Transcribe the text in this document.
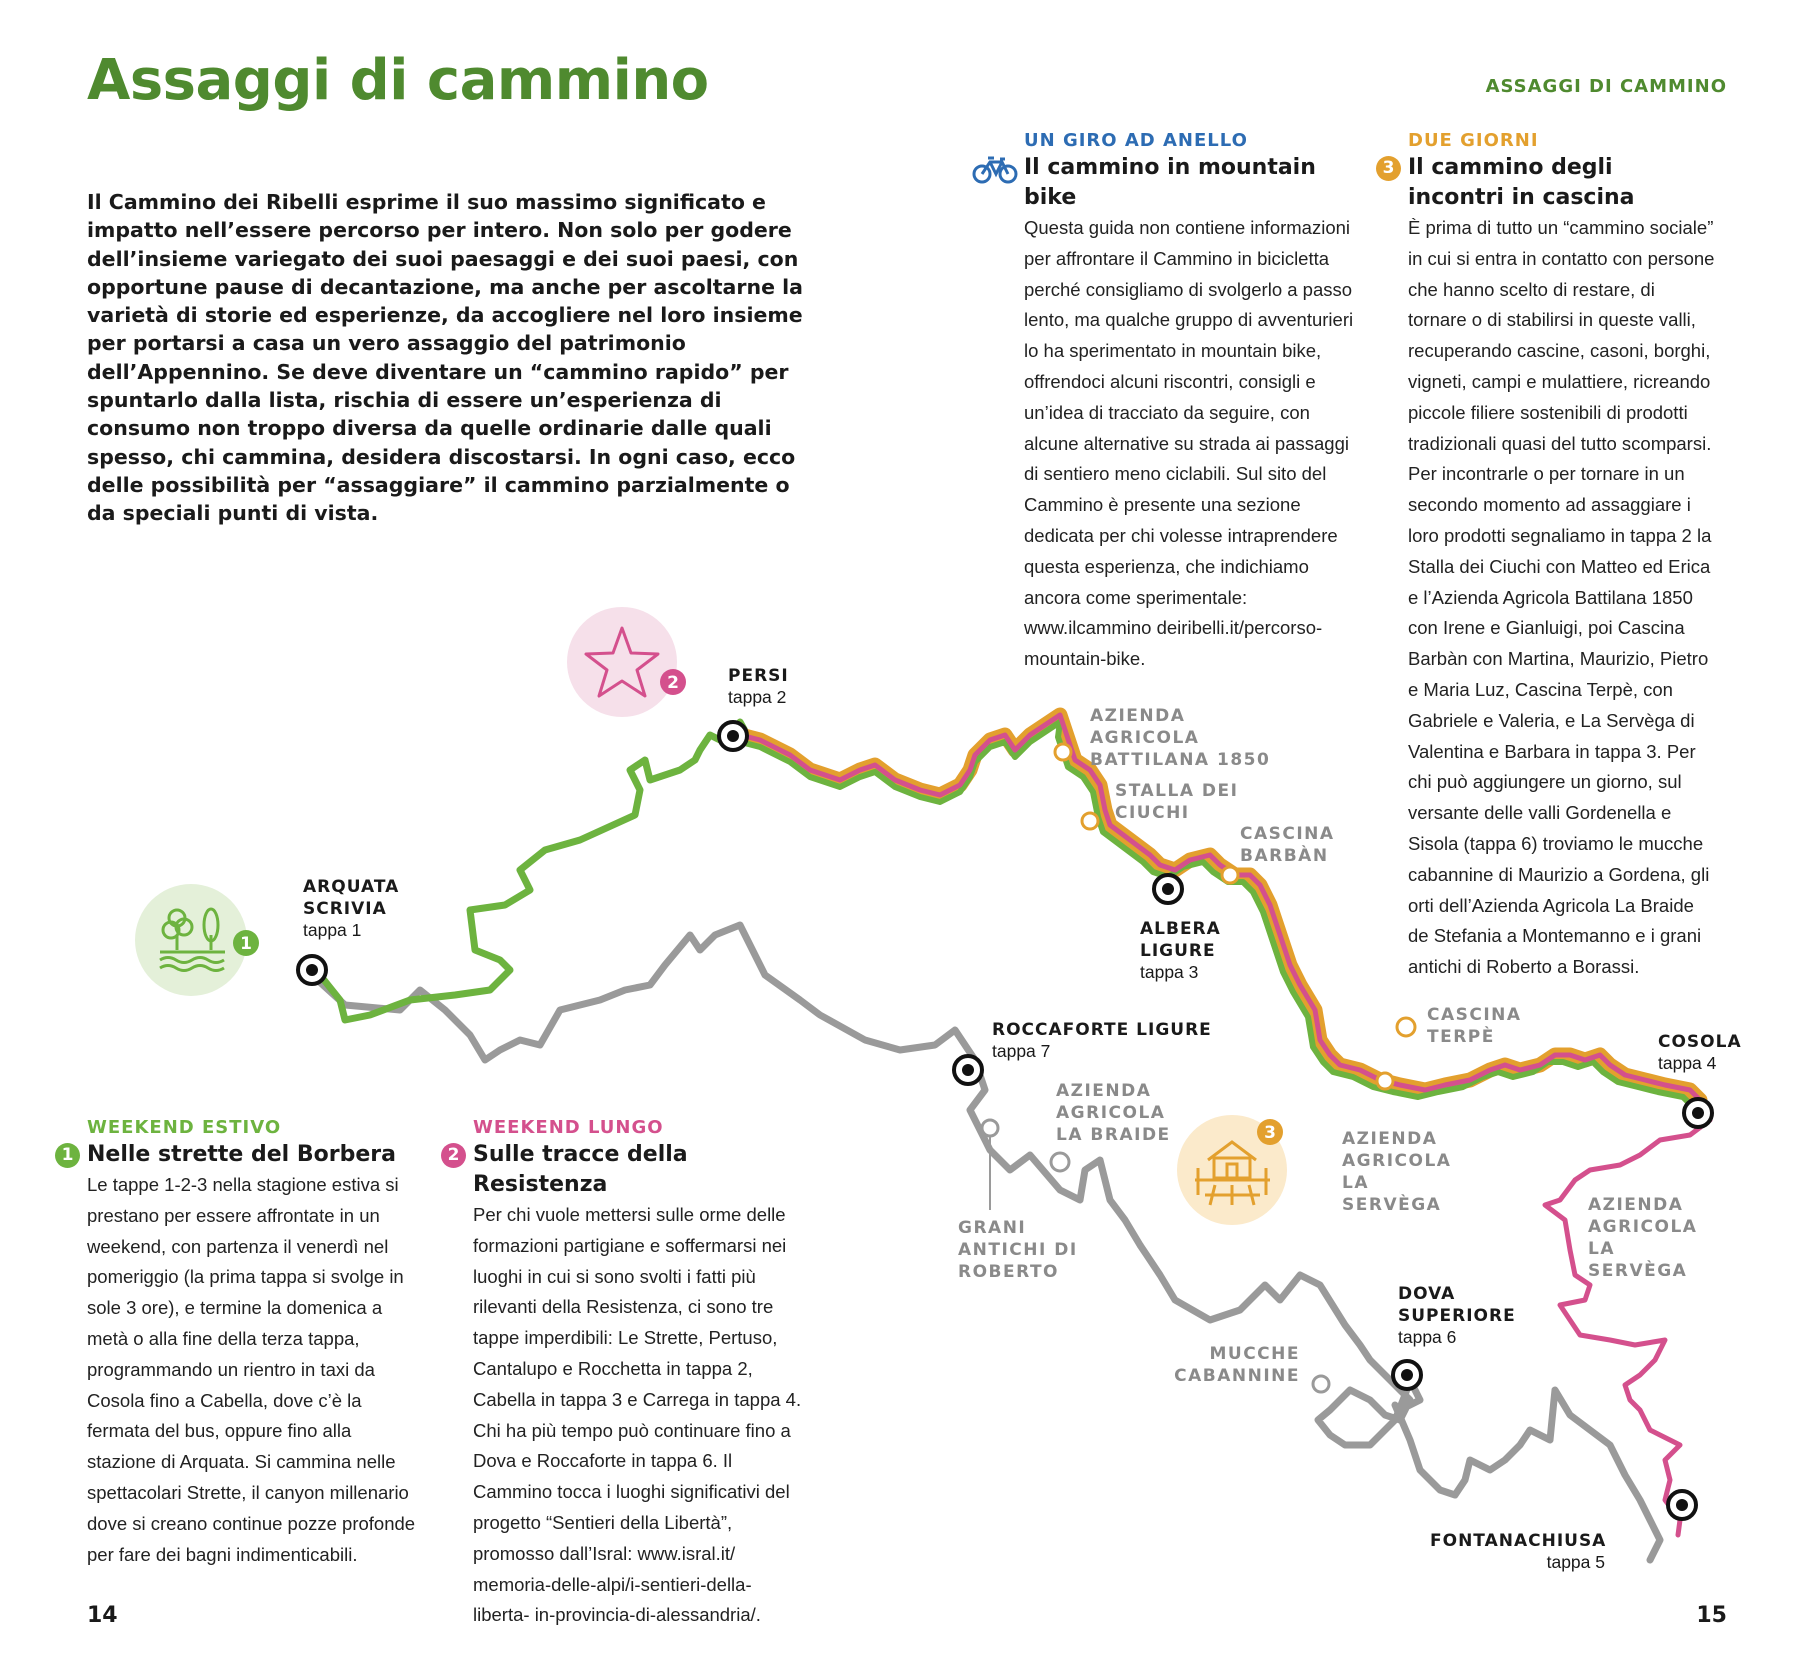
Assaggi di cammino	ASSAGGI DI CAMMINO
Il Cammino dei Ribelli esprime il suo massimo significato e impatto nell’essere percorso per intero. Non solo per godere dell’insieme variegato dei suoi paesaggi e dei suoi paesi, con opportune pause di decantazione, ma anche per ascoltarne la varietà di storie ed esperienze, da accogliere nel loro insieme per portarsi a casa un vero assaggio del patrimonio dell’Appennino. Se deve diventare un “cammino rapido” per spuntarlo dalla lista, rischia di essere un’esperienza di consumo non troppo diversa da quelle ordinarie dalle quali spesso, chi cammina, desidera discostarsi. In ogni caso, ecco delle possibilità per “assaggiare” il cammino parzialmente o da speciali punti di vista.
1
2
3
ARQUATA SCRIVIA
tappa 1
PERSI
tappa 2
ALBERA LIGURE
tappa 3
COSOLA
tappa 4
FONTANACHIUSA
tappa 5
DOVA SUPERIORE
tappa 6
ROCCAFORTE LIGURE
tappa 7
AZIENDA AGRICOLA BATTILANA 1850
STALLA DEI CIUCHI
CASCINA BARBÀN
CASCINA TERPÈ
AZIENDA AGRICOLA LA SERVÈGA	AZIENDA AGRICOLA LA SERVÈGA
AZIENDA AGRICOLA LA BRAIDE
GRANI ANTICHI DI ROBERTO
MUCCHE CABANNINE
UN GIRO AD ANELLO
Il cammino in mountain bike
Questa guida non contiene informazioni per affrontare il Cammino in bicicletta perché consigliamo di svolgerlo a passo lento, ma qualche gruppo di avventurieri lo ha sperimentato in mountain bike, offrendoci alcuni riscontri, consigli e un’idea di tracciato da seguire, con alcune alternative su strada ai passaggi di sentiero meno ciclabili. Sul sito del Cammino è presente una sezione dedicata per chi volesse intraprendere questa esperienza, che indichiamo ancora come sperimentale: www.ilcammino deiribelli.it/percorso-mountain-bike.
DUE GIORNI
3 Il cammino degli incontri in cascina
È prima di tutto un “cammino sociale” in cui si entra in contatto con persone che hanno scelto di restare, di tornare o di stabilirsi in queste valli, recuperando cascine, casoni, borghi, vigneti, campi e mulattiere, ricreando piccole filiere sostenibili di prodotti tradizionali quasi del tutto scomparsi. Per incontrarle o per tornare in un secondo momento ad assaggiare i loro prodotti segnaliamo in tappa 2 la Stalla dei Ciuchi con Matteo ed Erica e l’Azienda Agricola Battilana 1850 con Irene e Gianluigi, poi Cascina Barbàn con Martina, Maurizio, Pietro e Maria Luz, Cascina Terpè, con Gabriele e Valeria, e La Servèga di Valentina e Barbara in tappa 3. Per chi può aggiungere un giorno, sul versante delle valli Gordenella e Sisola (tappa 6) troviamo le mucche cabannine di Maurizio a Gordena, gli orti dell’Azienda Agricola La Braide de Stefania a Montemanno e i grani antichi di Roberto a Borassi.
WEEKEND ESTIVO
1 Nelle strette del Borbera
Le tappe 1-2-3 nella stagione estiva si prestano per essere affrontate in un weekend, con partenza il venerdì nel pomeriggio (la prima tappa si svolge in sole 3 ore), e termine la domenica a metà o alla fine della terza tappa, programmando un rientro in taxi da Cosola fino a Cabella, dove c’è la fermata del bus, oppure fino alla stazione di Arquata. Si cammina nelle spettacolari Strette, il canyon millenario dove si creano continue pozze profonde per fare dei bagni indimenticabili.
WEEKEND LUNGO
2 Sulle tracce della Resistenza
Per chi vuole mettersi sulle orme delle formazioni partigiane e soffermarsi nei luoghi in cui si sono svolti i fatti più rilevanti della Resistenza, ci sono tre tappe imperdibili: Le Strette, Pertuso, Cantalupo e Rocchetta in tappa 2, Cabella in tappa 3 e Carrega in tappa 4. Chi ha più tempo può continuare fino a Dova e Roccaforte in tappa 6. Il Cammino tocca i luoghi significativi del progetto “Sentieri della Libertà”, promosso dall’Isral: www.isral.it/ memoria-delle-alpi/i-sentieri-della-liberta- in-provincia-di-alessandria/.
14	15
